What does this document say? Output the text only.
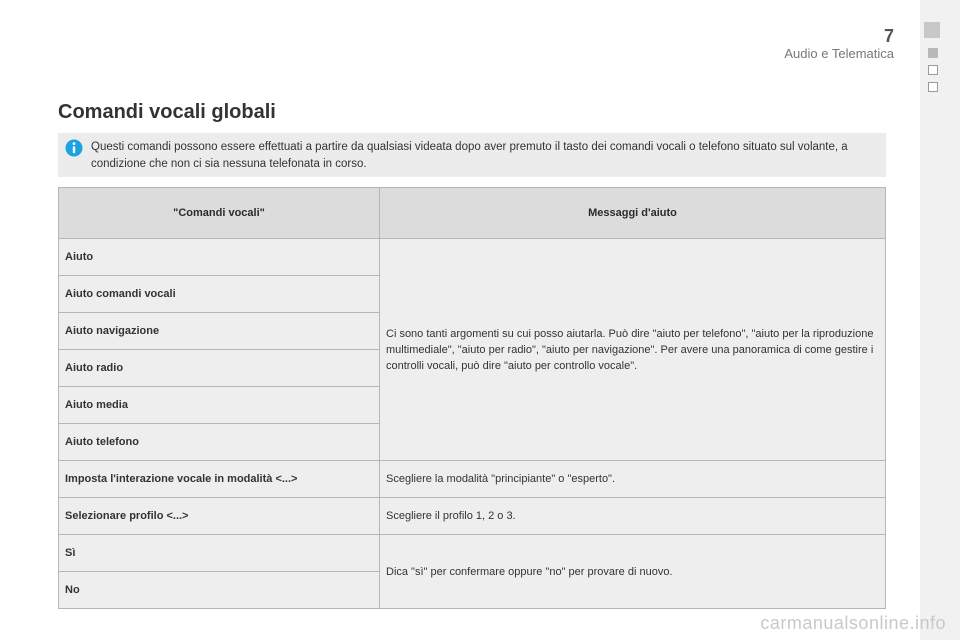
7
Audio e Telematica
Comandi vocali globali
Questi comandi possono essere effettuati a partire da qualsiasi videata dopo aver premuto il tasto dei comandi vocali o telefono situato sul volante, a condizione che non ci sia nessuna telefonata in corso.
"Comandi vocali"	Messaggi d'aiuto
Aiuto	Ci sono tanti argomenti su cui posso aiutarla. Può dire "aiuto per telefono", "aiuto per la riproduzione multimediale", "aiuto per radio", "aiuto per navigazione". Per avere una panoramica di come gestire i controlli vocali, può dire "aiuto per controllo vocale".
Aiuto comandi vocali	
Aiuto navigazione	
Aiuto radio	
Aiuto media	
Aiuto telefono	
Imposta l'interazione vocale in modalità <...>	Scegliere la modalità "principiante" o "esperto".
Selezionare profilo <...>	Scegliere il profilo 1, 2 o 3.
Sì	Dica "sì" per confermare oppure "no" per provare di nuovo.
No	
carmanualsonline.info
